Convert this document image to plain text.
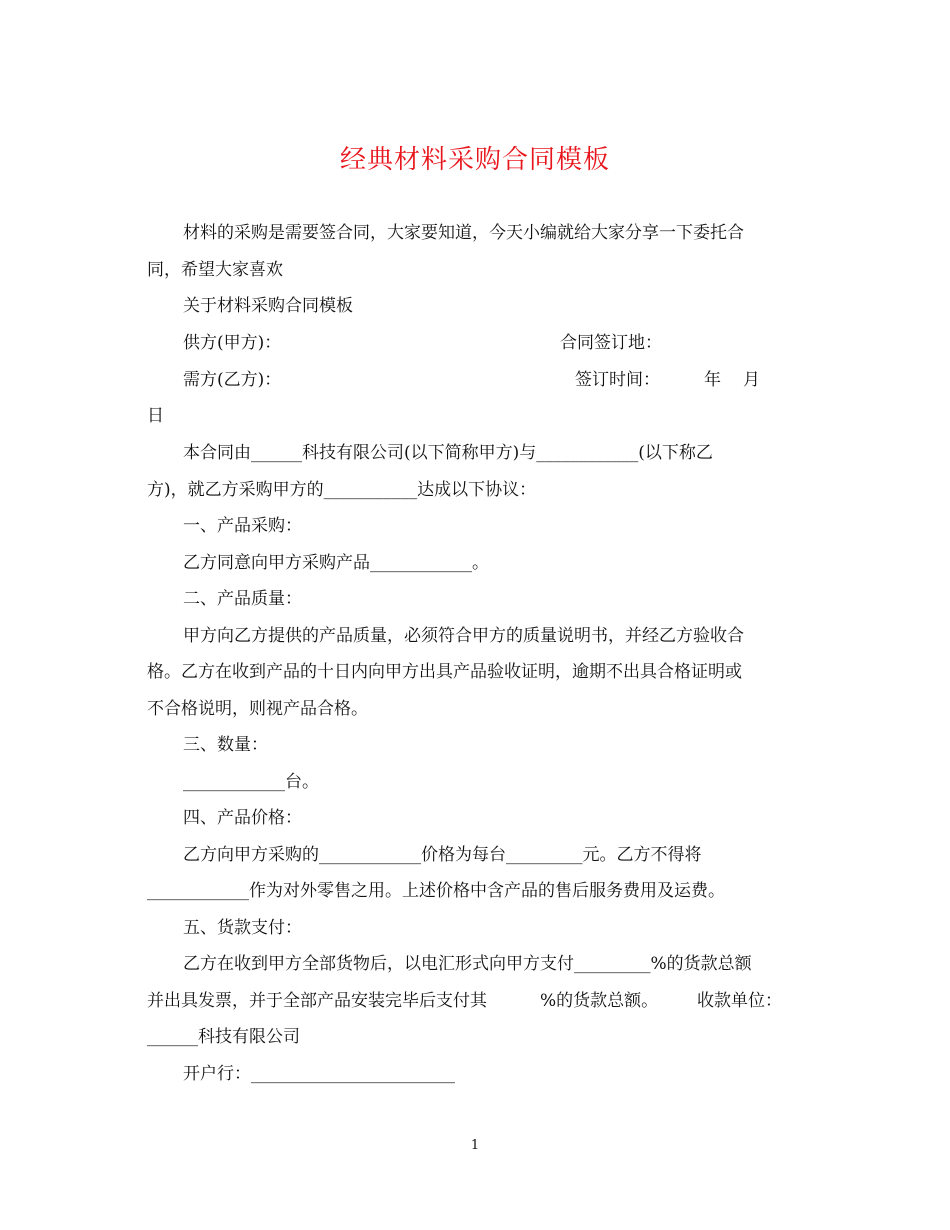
经典材料采购合同模板
材料的采购是需要签合同，大家要知道，今天小编就给大家分享一下委托合
同，希望大家喜欢
关于材料采购合同模板
供方(甲方)：	合同签订地：
需方(乙方)：	签订时间：	年 月
日
本合同由______科技有限公司(以下简称甲方)与____________(以下称乙
方)，就乙方采购甲方的___________达成以下协议：
一、产品采购：
乙方同意向甲方采购产品____________。
二、产品质量：
甲方向乙方提供的产品质量，必须符合甲方的质量说明书，并经乙方验收合
格。乙方在收到产品的十日内向甲方出具产品验收证明，逾期不出具合格证明或
不合格说明，则视产品合格。
三、数量：
____________台。
四、产品价格：
乙方向甲方采购的____________价格为每台_________元。乙方不得将
____________作为对外零售之用。上述价格中含产品的售后服务费用及运费。
五、货款支付：
乙方在收到甲方全部货物后，以电汇形式向甲方支付_________%的货款总额
并出具发票，并于全部产品安装完毕后支付其	%的货款总额。 收款单位：
______科技有限公司
开户行：________________________
1
